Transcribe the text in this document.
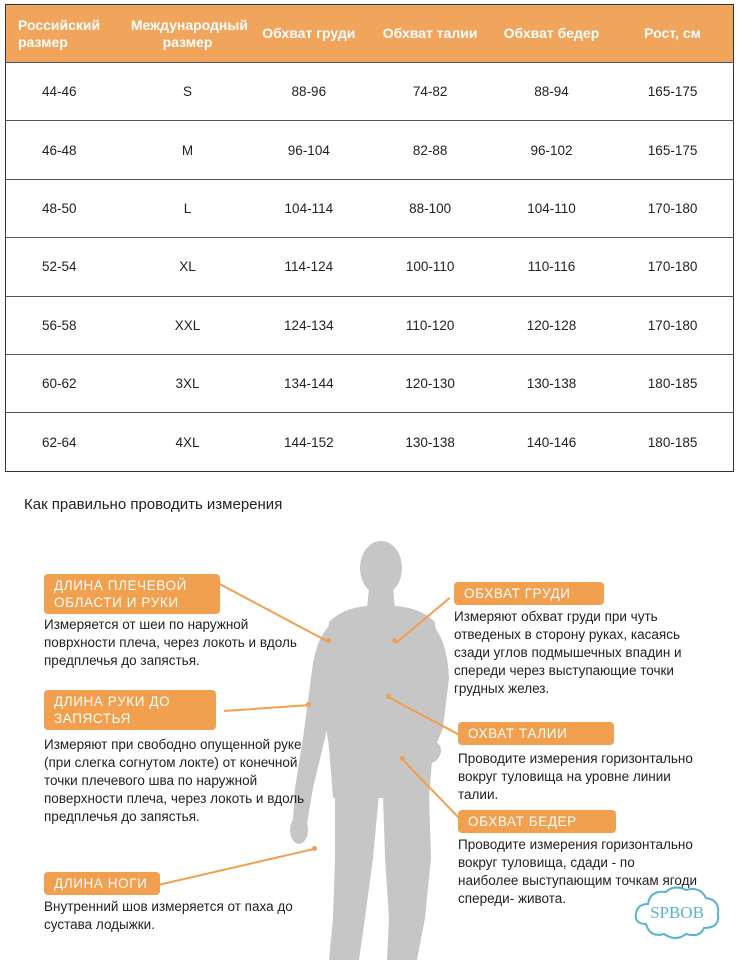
Российский размер	Международный размер	Обхват груди	Обхват талии	Обхват бедер	Рост, см
44-46	S	88-96	74-82	88-94	165-175
46-48	M	96-104	82-88	96-102	165-175
48-50	L	104-114	88-100	104-110	170-180
52-54	XL	114-124	100-110	110-116	170-180
56-58	XXL	124-134	110-120	120-128	170-180
60-62	3XL	134-144	120-130	130-138	180-185
62-64	4XL	144-152	130-138	140-146	180-185
Как правильно проводить измерения
ДЛИНА ПЛЕЧЕВОЙ ОБЛАСТИ И РУКИ
Измеряется от шеи по наружной поврхности плеча, через локоть и вдоль предплечья до запястья.
ДЛИНА РУКИ ДО ЗАПЯСТЬЯ
Измеряют при свободно опущенной руке (при слегка согнутом локте) от конечной точки плечевого шва по наружной поверхности плеча, через локоть и вдоль предплечья до запястья.
ДЛИНА НОГИ
Внутренний шов измеряется от паха до сустава лодыжки.
ОБХВАТ ГРУДИ
Измеряют обхват груди при чуть отведеных в сторону руках, касаясь сзади углов подмышечных впадин и спереди через выступающие точки грудных желез.
ОХВАТ ТАЛИИ
Проводите измерения горизонтально вокруг туловища на уровне линии талии.
ОБХВАТ БЕДЕР
Проводите измерения горизонтально вокруг туловища, сдади - по наиболее выступающим точкам ягоди спереди- живота.
SPBOB
